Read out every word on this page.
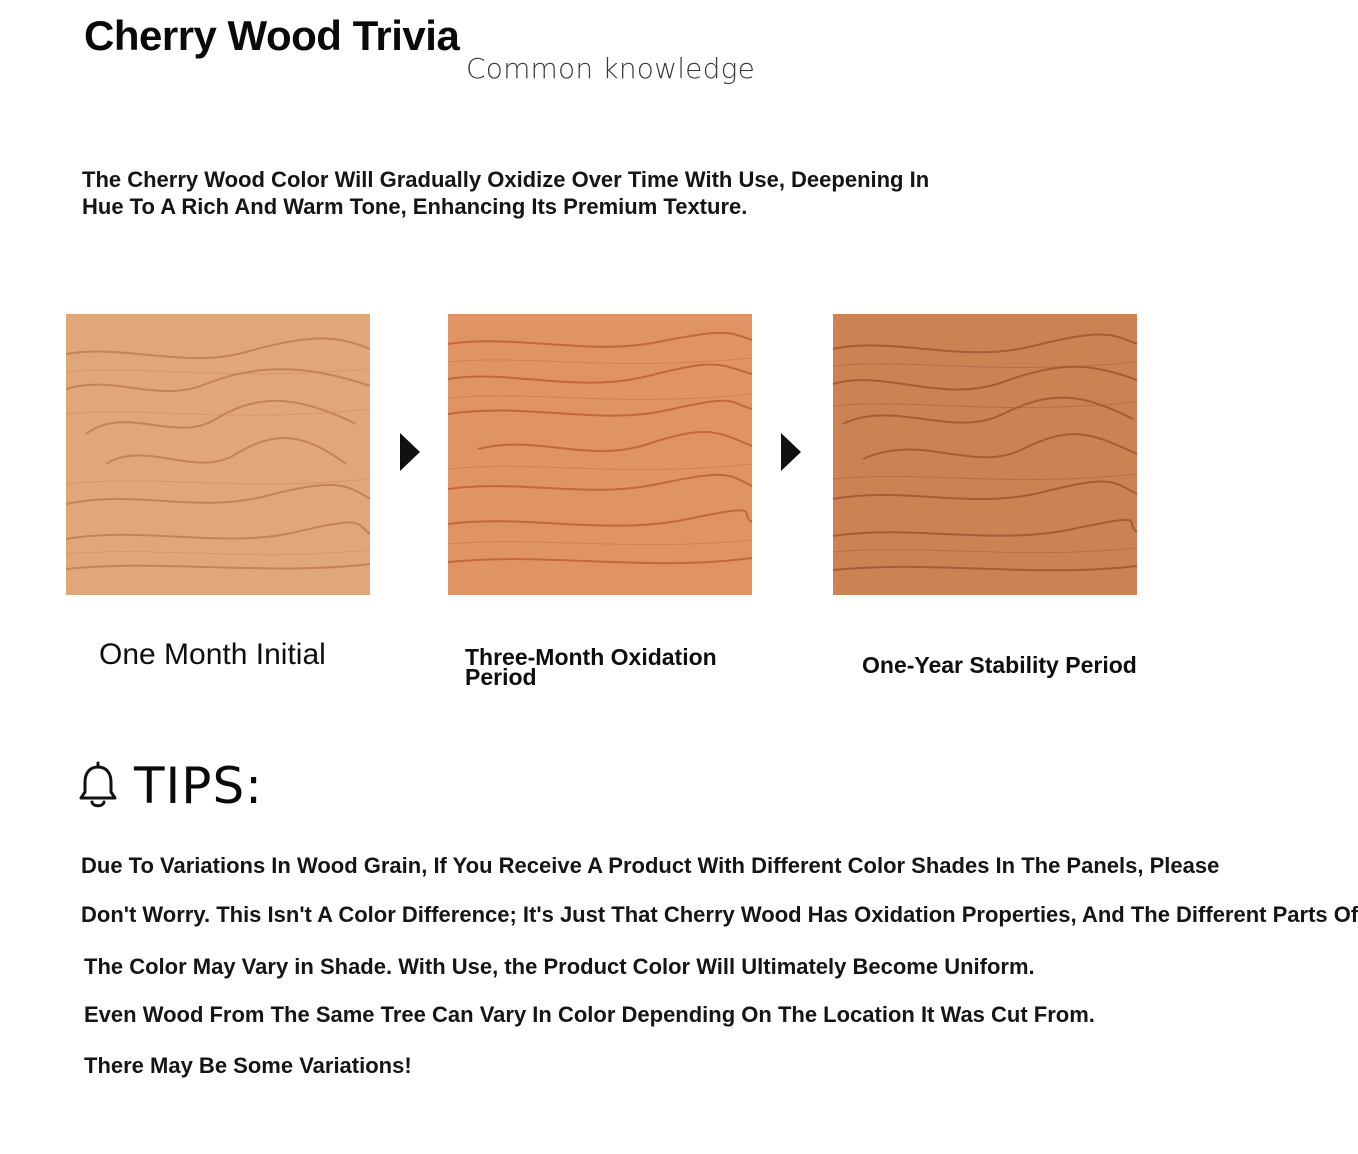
Cherry Wood Trivia
Common knowledge
The Cherry Wood Color Will Gradually Oxidize Over Time With Use, Deepening In Hue To A Rich And Warm Tone, Enhancing Its Premium Texture.
One Month Initial	Three-Month Oxidation Period	One-Year Stability Period
TIPS:
Due To Variations In Wood Grain, If You Receive A Product With Different Color Shades In The Panels, Please
Don't Worry. This Isn't A Color Difference; It's Just That Cherry Wood Has Oxidation Properties, And The Different Parts Of
The Color May Vary in Shade. With Use, the Product Color Will Ultimately Become Uniform.
Even Wood From The Same Tree Can Vary In Color Depending On The Location It Was Cut From.
There May Be Some Variations!
